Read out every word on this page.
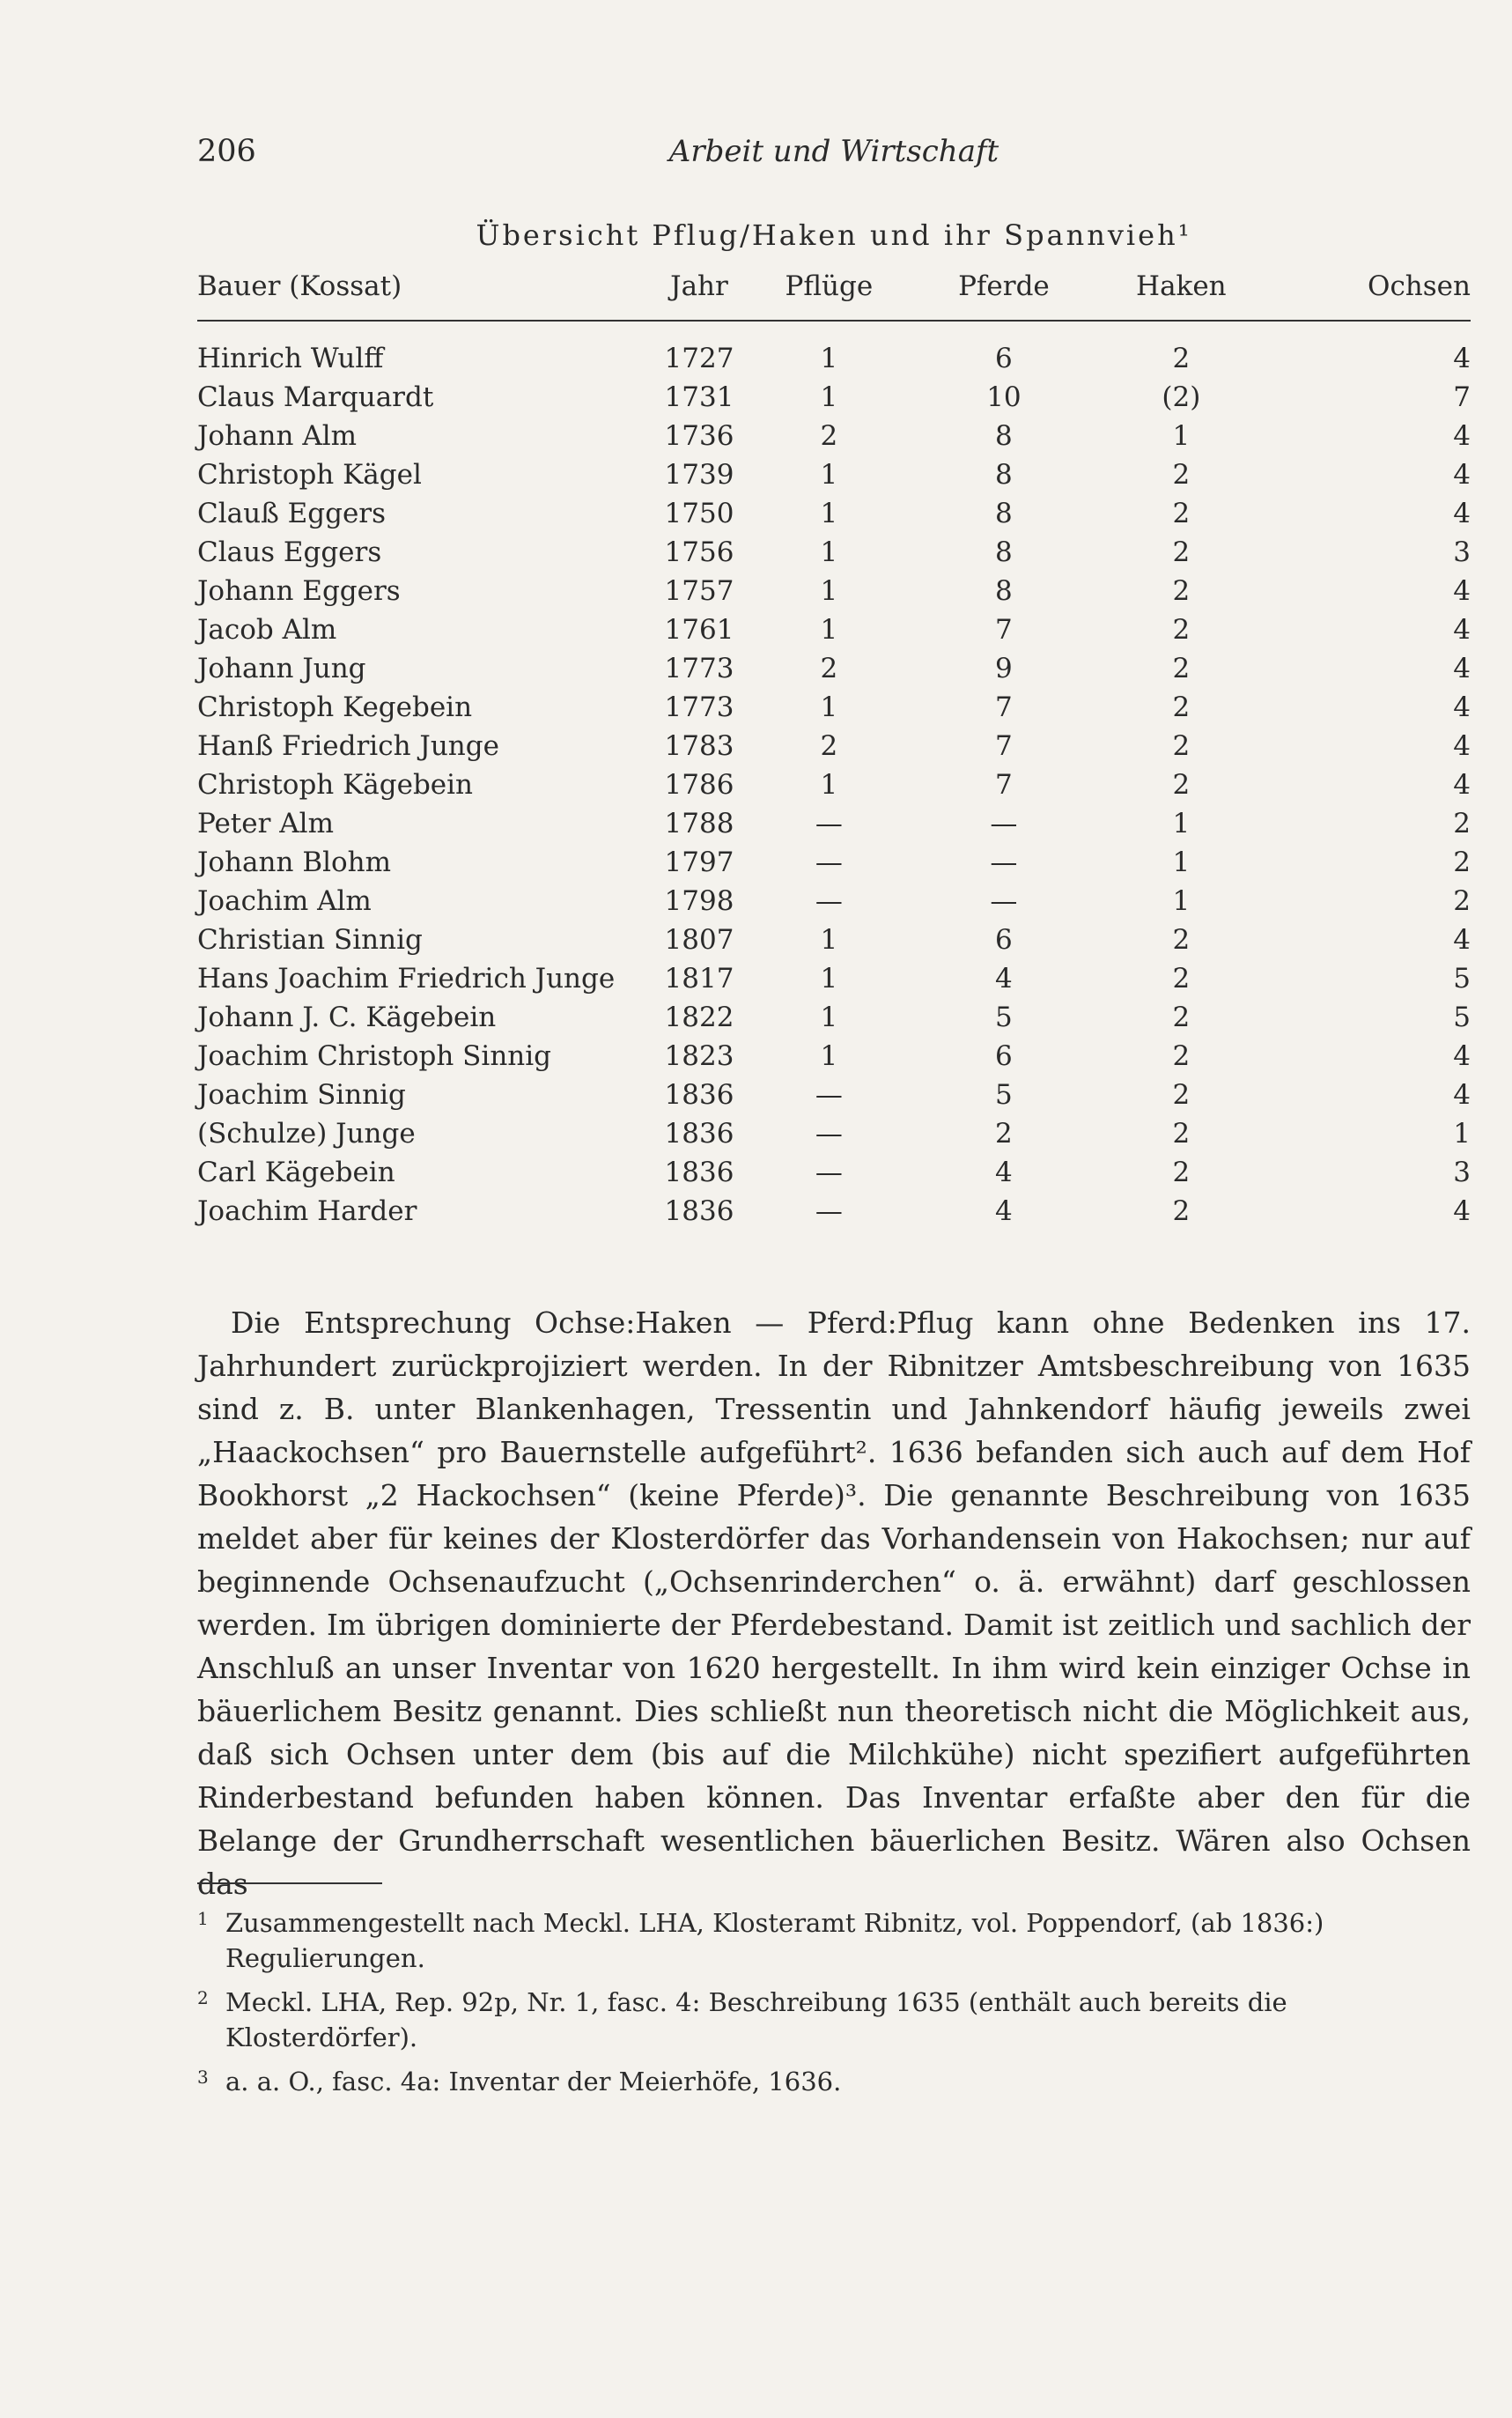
206	Arbeit und Wirtschaft
Übersicht Pflug/Haken und ihr Spannvieh¹
Bauer (Kossat)	Jahr	Pflüge	Pferde	Haken	Ochsen
Hinrich Wulff	1727	1	6	2	4
Claus Marquardt	1731	1	10	(2)	7
Johann Alm	1736	2	8	1	4
Christoph Kägel	1739	1	8	2	4
Clauß Eggers	1750	1	8	2	4
Claus Eggers	1756	1	8	2	3
Johann Eggers	1757	1	8	2	4
Jacob Alm	1761	1	7	2	4
Johann Jung	1773	2	9	2	4
Christoph Kegebein	1773	1	7	2	4
Hanß Friedrich Junge	1783	2	7	2	4
Christoph Kägebein	1786	1	7	2	4
Peter Alm	1788	—	—	1	2
Johann Blohm	1797	—	—	1	2
Joachim Alm	1798	—	—	1	2
Christian Sinnig	1807	1	6	2	4
Hans Joachim Friedrich Junge	1817	1	4	2	5
Johann J. C. Kägebein	1822	1	5	2	5
Joachim Christoph Sinnig	1823	1	6	2	4
Joachim Sinnig	1836	—	5	2	4
(Schulze) Junge	1836	—	2	2	1
Carl Kägebein	1836	—	4	2	3
Joachim Harder	1836	—	4	2	4

Die Entsprechung Ochse:Haken — Pferd:Pflug kann ohne Bedenken ins 17. Jahrhundert zurückprojiziert werden. In der Ribnitzer Amtsbeschreibung von 1635 sind z. B. unter Blankenhagen, Tressentin und Jahnkendorf häufig jeweils zwei „Haackochsen“ pro Bauernstelle aufgeführt². 1636 befanden sich auch auf dem Hof Bookhorst „2 Hackochsen“ (keine Pferde)³. Die genannte Beschreibung von 1635 meldet aber für keines der Klosterdörfer das Vorhandensein von Hakochsen; nur auf beginnende Ochsenaufzucht („Ochsenrinderchen“ o. ä. erwähnt) darf geschlossen werden. Im übrigen dominierte der Pferdebestand. Damit ist zeitlich und sachlich der Anschluß an unser Inventar von 1620 hergestellt. In ihm wird kein einziger Ochse in bäuerlichem Besitz genannt. Dies schließt nun theoretisch nicht die Möglichkeit aus, daß sich Ochsen unter dem (bis auf die Milchkühe) nicht spezifiert aufgeführten Rinderbestand befunden haben können. Das Inventar erfaßte aber den für die Belange der Grundherrschaft wesentlichen bäuerlichen Besitz. Wären also Ochsen das

1 Zusammengestellt nach Meckl. LHA, Klosteramt Ribnitz, vol. Poppendorf, (ab 1836:) Regulierungen.
2 Meckl. LHA, Rep. 92p, Nr. 1, fasc. 4: Beschreibung 1635 (enthält auch bereits die Klosterdörfer).
3 a. a. O., fasc. 4a: Inventar der Meierhöfe, 1636.
